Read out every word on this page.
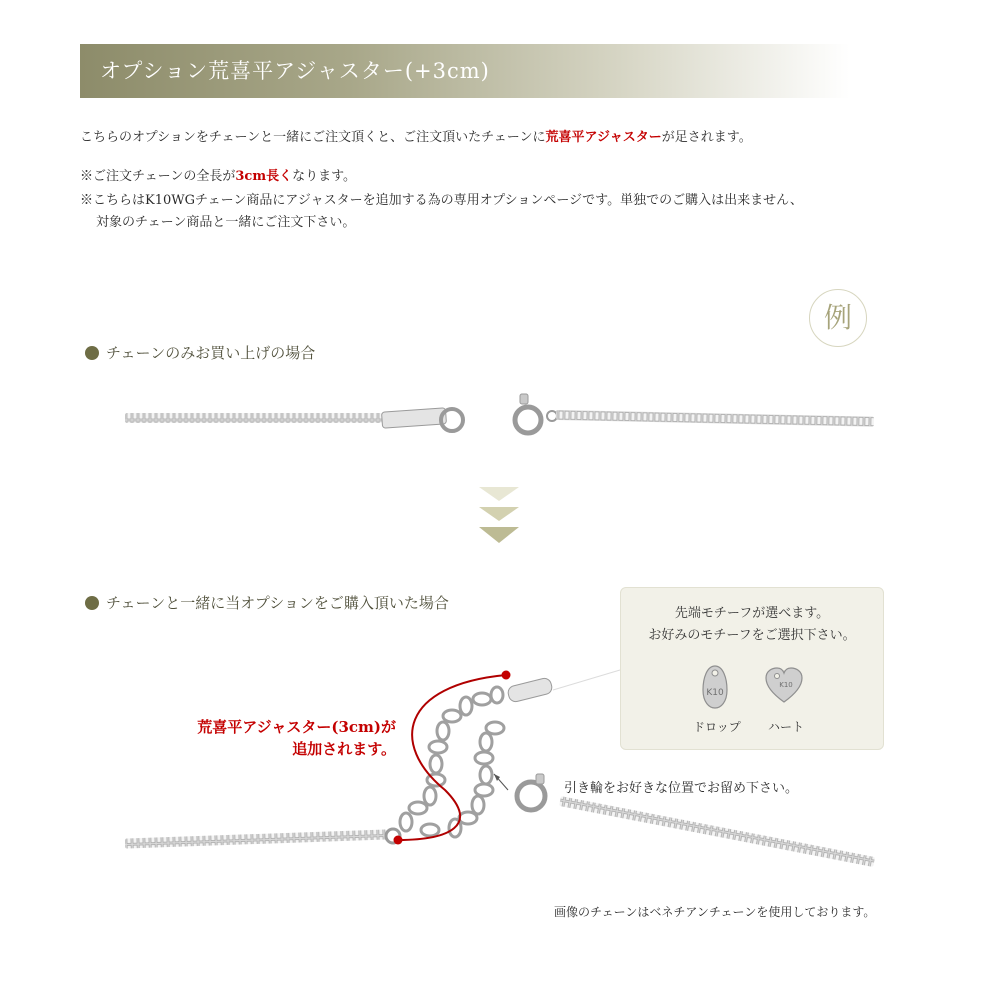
オプション荒喜平アジャスター(+3cm)
こちらのオプションをチェーンと一緒にご注文頂くと、ご注文頂いたチェーンに荒喜平アジャスターが足されます。
※ご注文チェーンの全長が3cm長くなります。
※こちらはK10WGチェーン商品にアジャスターを追加する為の専用オプションページです。単独でのご購入は出来ません、
対象のチェーン商品と一緒にご注文下さい。
例
チェーンのみお買い上げの場合
チェーンと一緒に当オプションをご購入頂いた場合
先端モチーフが選べます。
お好みのモチーフをご選択下さい。
K10
K10
ドロップ ハート
荒喜平アジャスター(3cm)が
追加されます。
引き輪をお好きな位置でお留め下さい。
画像のチェーンはベネチアンチェーンを使用しております。
